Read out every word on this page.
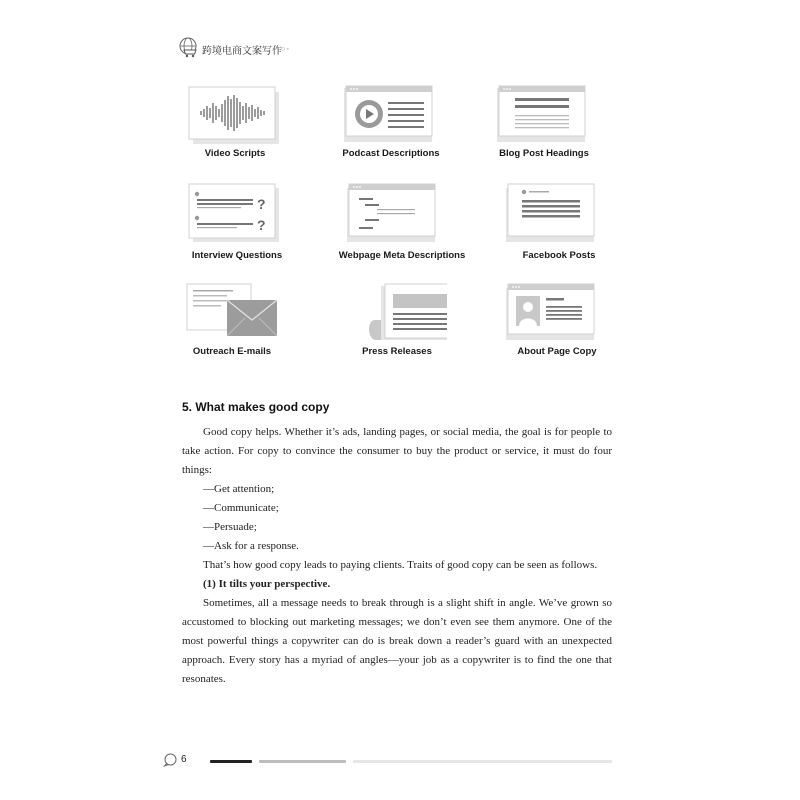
跨境电商文案写作 ○◦
Video Scripts	Podcast Descriptions	Blog Post Headings
?
?
Interview Questions	Webpage Meta Descriptions	Facebook Posts
Outreach E-mails	Press Releases	About Page Copy
5. What makes good copy

Good copy helps. Whether it’s ads, landing pages, or social media, the goal is for people to take action. For copy to convince the consumer to buy the product or service, it must do four things:

—Get attention;

—Communicate;

—Persuade;

—Ask for a response.

That’s how good copy leads to paying clients. Traits of good copy can be seen as follows.

(1) It tilts your perspective.

Sometimes, all a message needs to break through is a slight shift in angle. We’ve grown so accustomed to blocking out marketing messages; we don’t even see them anymore. One of the most powerful things a copywriter can do is break down a reader’s guard with an unexpected approach. Every story has a myriad of angles—your job as a copywriter is to find the one that resonates.

6
